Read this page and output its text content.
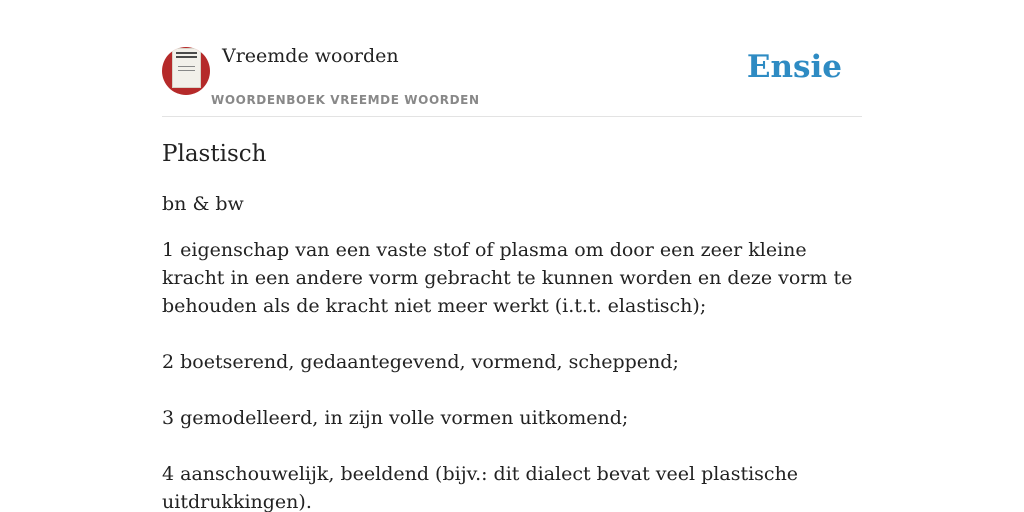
Vreemde woorden
WOORDENBOEK VREEMDE WOORDEN
Ensie
Plastisch

bn & bw

1 eigenschap van een vaste stof of plasma om door een zeer kleine kracht in een andere vorm gebracht te kunnen worden en deze vorm te behouden als de kracht niet meer werkt (i.t.t. elastisch);

2 boetserend, gedaantegevend, vormend, scheppend;

3 gemodelleerd, in zijn volle vormen uitkomend;

4 aanschouwelijk, beeldend (bijv.: dit dialect bevat veel plastische uitdrukkingen).
